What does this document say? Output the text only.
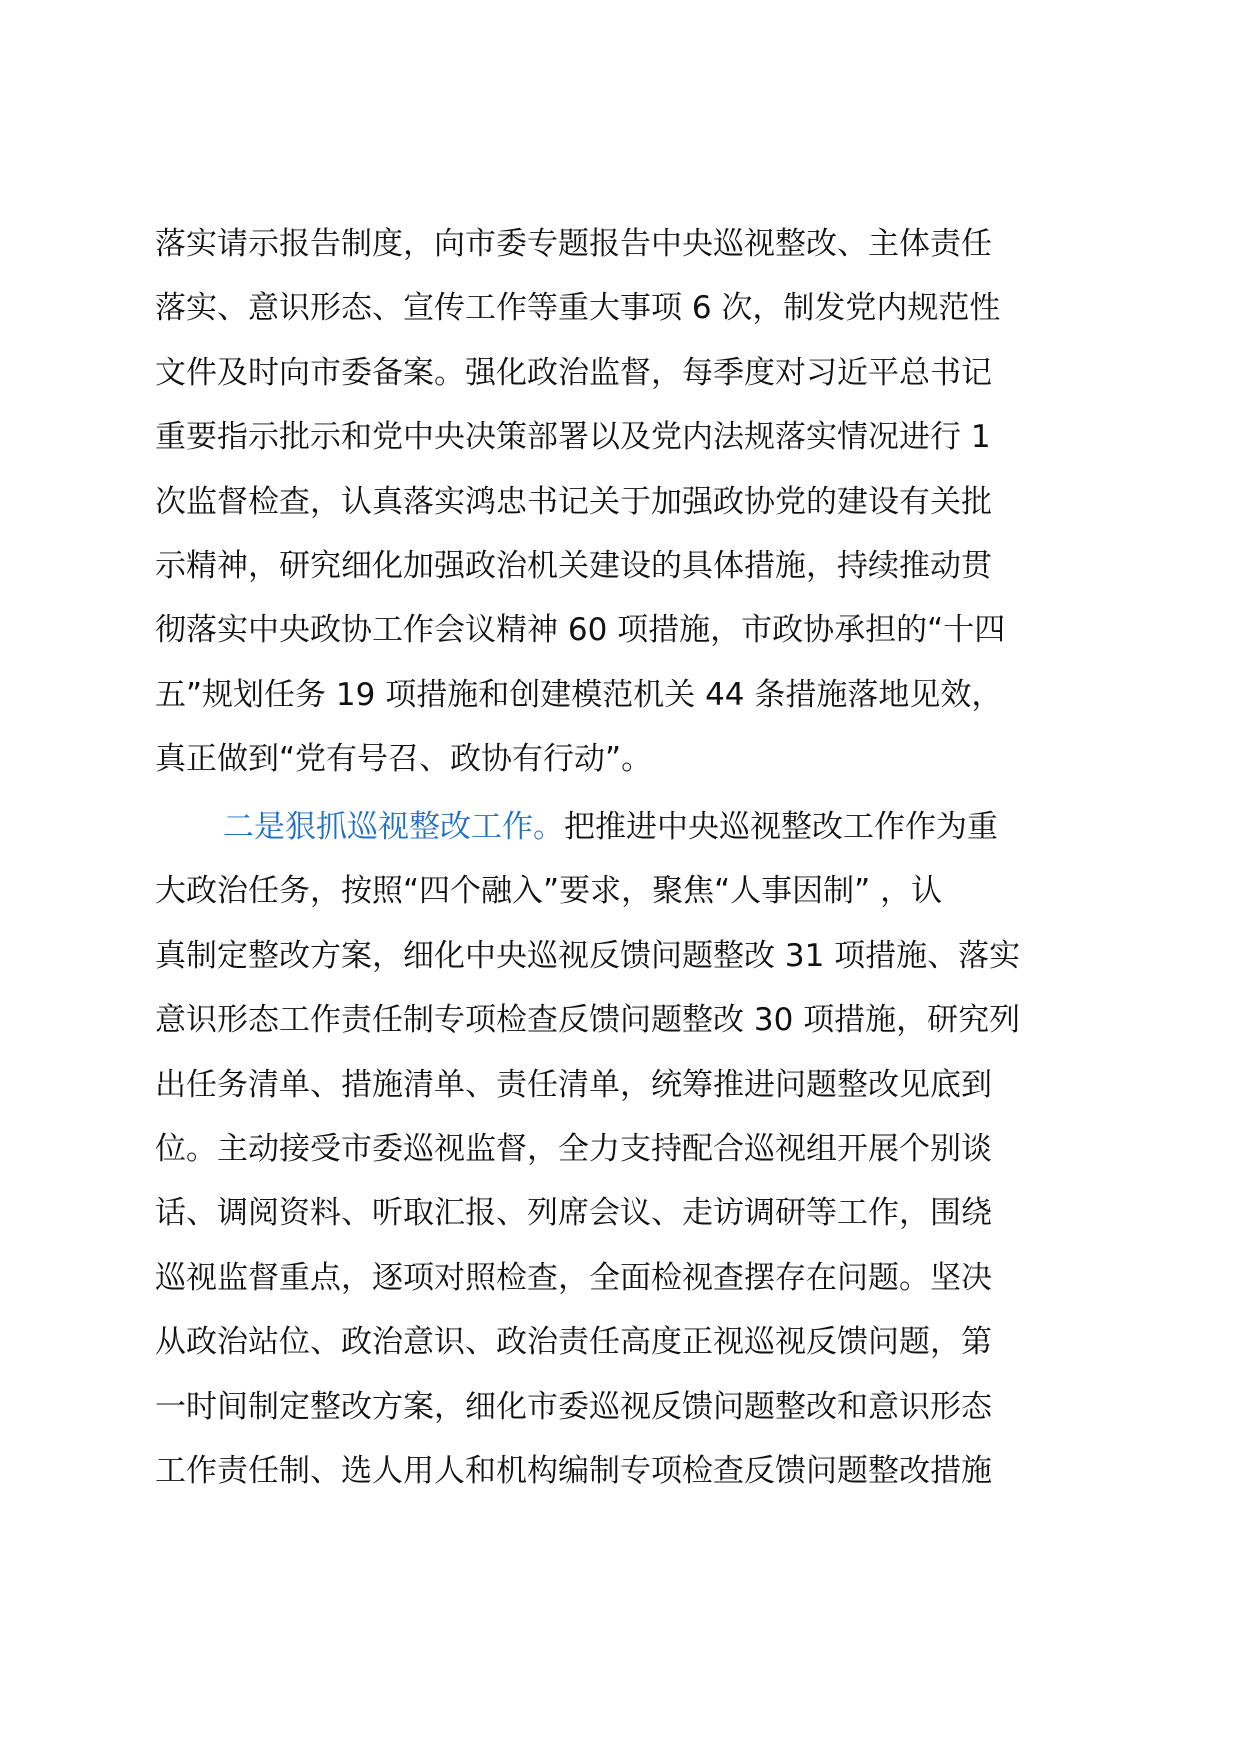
落实请示报告制度，向市委专题报告中央巡视整改、主体责任
落实、意识形态、宣传工作等重大事项 6 次，制发党内规范性
文件及时向市委备案。强化政治监督，每季度对习近平总书记
重要指示批示和党中央决策部署以及党内法规落实情况进行 1
次监督检查，认真落实鸿忠书记关于加强政协党的建设有关批
示精神，研究细化加强政治机关建设的具体措施，持续推动贯
彻落实中央政协工作会议精神 60 项措施，市政协承担的“十四
五”规划任务 19 项措施和创建模范机关 44 条措施落地见效，
真正做到“党有号召、政协有行动”。
二是狠抓巡视整改工作。把推进中央巡视整改工作作为重
大政治任务，按照“四个融入”要求，聚焦“人事因制” ，认
真制定整改方案，细化中央巡视反馈问题整改 31 项措施、落实
意识形态工作责任制专项检查反馈问题整改 30 项措施，研究列
出任务清单、措施清单、责任清单，统筹推进问题整改见底到
位。主动接受市委巡视监督，全力支持配合巡视组开展个别谈
话、调阅资料、听取汇报、列席会议、走访调研等工作，围绕
巡视监督重点，逐项对照检查，全面检视查摆存在问题。坚决
从政治站位、政治意识、政治责任高度正视巡视反馈问题，第
一时间制定整改方案，细化市委巡视反馈问题整改和意识形态
工作责任制、选人用人和机构编制专项检查反馈问题整改措施
